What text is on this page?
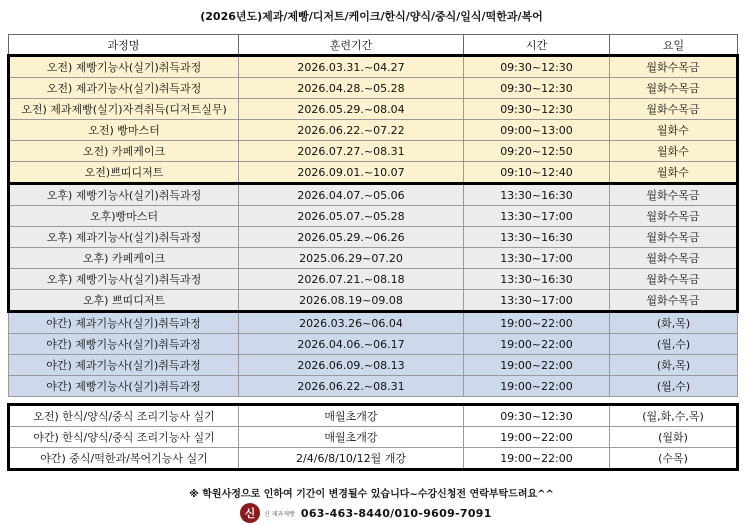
(2026년도)제과/제빵/디저트/케이크/한식/양식/중식/일식/떡한과/복어
과정명	훈련기간	시간	요일
오전) 제빵기능사(실기)취득과정	2026.03.31.~04.27	09:30~12:30	월화수목금
오전) 제과기능사(실기)취득과정	2026.04.28.~05.28	09:30~12:30	월화수목금
오전) 제과제빵(실기)자격취득(디저트실무)	2026.05.29.~08.04	09:30~12:30	월화수목금
오전) 빵마스터	2026.06.22.~07.22	09:00~13:00	월화수
오전) 카페케이크	2026.07.27.~08.31	09:20~12:50	월화수
오전)쁘띠디저트	2026.09.01.~10.07	09:10~12:40	월화수
오후) 제빵기능사(실기)취득과정	2026.04.07.~05.06	13:30~16:30	월화수목금
오후)빵마스터	2026.05.07.~05.28	13:30~17:00	월화수목금
오후) 제과기능사(실기)취득과정	2026.05.29.~06.26	13:30~16:30	월화수목금
오후) 카페케이크	2025.06.29~07.20	13:30~17:00	월화수목금
오후) 제빵기능사(실기)취득과정	2026.07.21.~08.18	13:30~16:30	월화수목금
오후) 쁘띠디저트	2026.08.19~09.08	13:30~17:00	월화수목금
야간) 제과기능사(실기)취득과정	2026.03.26~06.04	19:00~22:00	(화,목)
야간) 제빵기능사(실기)취득과정	2026.04.06.~06.17	19:00~22:00	(월,수)
야간) 제과기능사(실기)취득과정	2026.06.09.~08.13	19:00~22:00	(화,목)
야간) 제빵기능사(실기)취득과정	2026.06.22.~08.31	19:00~22:00	(월,수)

오전) 한식/양식/중식 조리기능사 실기	매월초개강	09:30~12:30	(월,화,수,목)
야간) 한식/양식/중식 조리기능사 실기	매월초개강	19:00~22:00	(월화)
야간) 중식/떡한과/복어기능사 실기	2/4/6/8/10/12월 개강	19:00~22:00	(수목)
※ 학원사정으로 인하여 기간이 변경될수 있습니다~수강신청전 연락부탁드려요^^
신	신 제과제빵 063-463-8440/010-9609-7091
